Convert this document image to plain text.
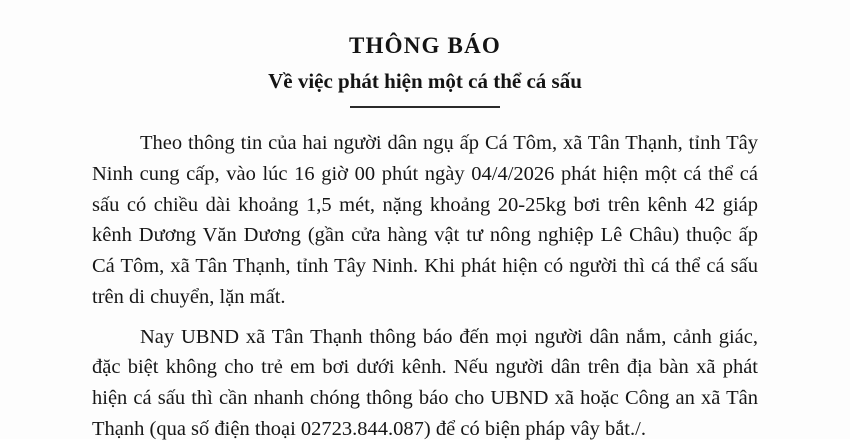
THÔNG BÁO
Về việc phát hiện một cá thể cá sấu

Theo thông tin của hai người dân ngụ ấp Cá Tôm, xã Tân Thạnh, tỉnh Tây Ninh cung cấp, vào lúc 16 giờ 00 phút ngày 04/4/2026 phát hiện một cá thể cá sấu có chiều dài khoảng 1,5 mét, nặng khoảng 20-25kg bơi trên kênh 42 giáp kênh Dương Văn Dương (gần cửa hàng vật tư nông nghiệp Lê Châu) thuộc ấp Cá Tôm, xã Tân Thạnh, tỉnh Tây Ninh. Khi phát hiện có người thì cá thể cá sấu trên di chuyển, lặn mất.

Nay UBND xã Tân Thạnh thông báo đến mọi người dân nắm, cảnh giác, đặc biệt không cho trẻ em bơi dưới kênh. Nếu người dân trên địa bàn xã phát hiện cá sấu thì cần nhanh chóng thông báo cho UBND xã hoặc Công an xã Tân Thạnh (qua số điện thoại 02723.844.087) để có biện pháp vây bắt./.
